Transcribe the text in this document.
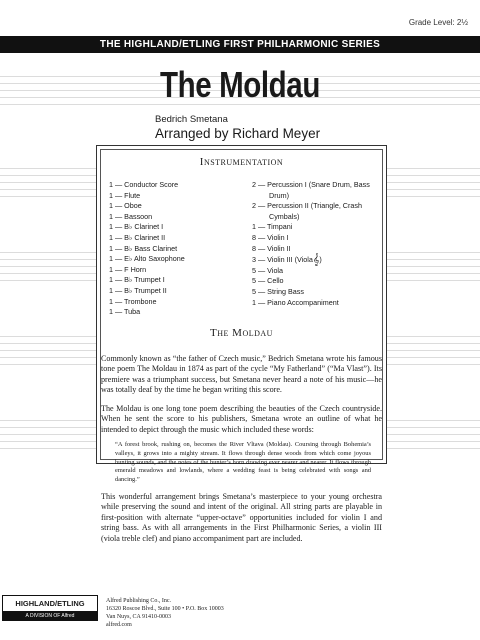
Grade Level: 2½
THE HIGHLAND/ETLING FIRST PHILHARMONIC SERIES
The Moldau
Bedrich Smetana
Arranged by Richard Meyer
Instrumentation
1 — Conductor Score
1 — Flute
1 — Oboe
1 — Bassoon
1 — B♭ Clarinet I
1 — B♭ Clarinet II
1 — B♭ Bass Clarinet
1 — E♭ Alto Saxophone
1 — F Horn
1 — B♭ Trumpet I
1 — B♭ Trumpet II
1 — Trombone
1 — Tuba
2 — Percussion I (Snare Drum, Bass
Drum)
2 — Percussion II (Triangle, Crash
Cymbals)
1 — Timpani
8 — Violin I
8 — Violin II
3 — Violin III (Viola𝄞)
5 — Viola
5 — Cello
5 — String Bass
1 — Piano Accompaniment
The Moldau
Commonly known as “the father of Czech music,” Bedrich Smetana wrote his famous tone poem The Moldau in 1874 as part of the cycle “My Fatherland” (“Ma Vlast”). Its premiere was a triumphant success, but Smetana never heard a note of his music—he was totally deaf by the time he began writing this score.
The Moldau is one long tone poem describing the beauties of the Czech countryside. When he sent the score to his publishers, Smetana wrote an outline of what he intended to depict through the music which included these words:
“A forest brook, rushing on, becomes the River Vltava (Moldau). Coursing through Bohemia’s valleys, it grows into a mighty stream. It flows through dense woods from which come joyous hunting sounds, and the notes of the hunter’s horn drawing ever nearer and nearer. It flows through emerald meadows and lowlands, where a wedding feast is being celebrated with songs and dancing.”
This wonderful arrangement brings Smetana’s masterpiece to your young orchestra while preserving the sound and intent of the original. All string parts are playable in first-position with alternate “upper-octave” opportunities included for violin I and string bass. As with all arrangements in the First Philharmonic Series, a violin III (viola treble clef) and piano accompaniment part are included.
HIGHLAND/ETLING
A DIVISION OF Alfred
Alfred Publishing Co., Inc.
16320 Roscoe Blvd., Suite 100 • P.O. Box 10003
Van Nuys, CA 91410-0003
alfred.com
